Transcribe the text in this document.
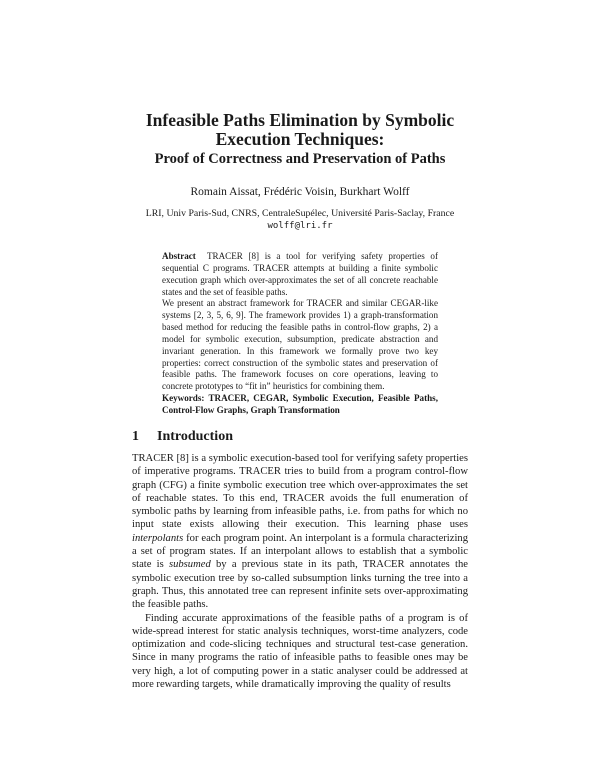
Infeasible Paths Elimination by Symbolic
Execution Techniques:
Proof of Correctness and Preservation of Paths
Romain Aissat, Frédéric Voisin, Burkhart Wolff
LRI, Univ Paris-Sud, CNRS, CentraleSupélec, Université Paris-Saclay, France
wolff@lri.fr

Abstract TRACER [8] is a tool for verifying safety properties of sequential C programs. TRACER attempts at building a finite symbolic execution graph which over-approximates the set of all concrete reachable states and the set of feasible paths.

We present an abstract framework for TRACER and similar CEGAR-like systems [2, 3, 5, 6, 9]. The framework provides 1) a graph-transformation based method for reducing the feasible paths in control-flow graphs, 2) a model for symbolic execution, subsumption, predicate abstraction and invariant generation. In this framework we formally prove two key properties: correct construction of the symbolic states and preservation of feasible paths. The framework focuses on core operations, leaving to concrete prototypes to “fit in” heuristics for combining them.

Keywords: TRACER, CEGAR, Symbolic Execution, Feasible Paths, Control-Flow Graphs, Graph Transformation

1 Introduction

TRACER [8] is a symbolic execution-based tool for verifying safety properties of imperative programs. TRACER tries to build from a program control-flow graph (CFG) a finite symbolic execution tree which over-approximates the set of reachable states. To this end, TRACER avoids the full enumeration of symbolic paths by learning from infeasible paths, i.e. from paths for which no input state exists allowing their execution. This learning phase uses interpolants for each program point. An interpolant is a formula characterizing a set of program states. If an interpolant allows to establish that a symbolic state is subsumed by a previous state in its path, TRACER annotates the symbolic execution tree by so-called subsumption links turning the tree into a graph. Thus, this annotated tree can represent infinite sets over-approximating the feasible paths.

Finding accurate approximations of the feasible paths of a program is of wide-spread interest for static analysis techniques, worst-time analyzers, code optimization and code-slicing techniques and structural test-case generation. Since in many programs the ratio of infeasible paths to feasible ones may be very high, a lot of computing power in a static analyser could be addressed at more rewarding targets, while dramatically improving the quality of results
